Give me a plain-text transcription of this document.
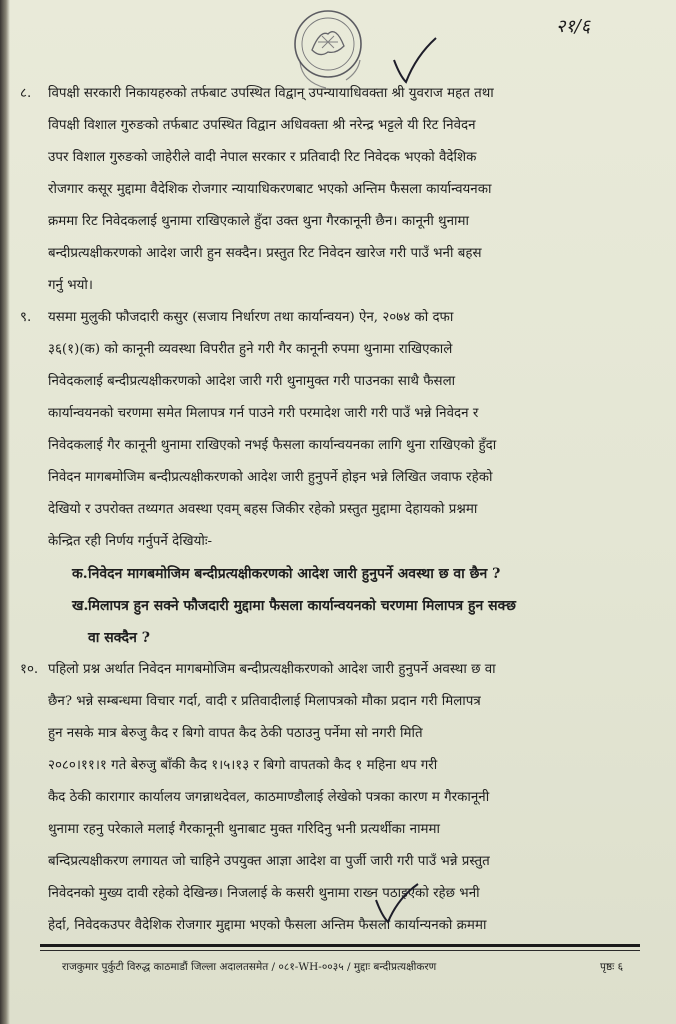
२१/६
८. विपक्षी सरकारी निकायहरुको तर्फबाट उपस्थित विद्वान् उपन्यायाधिवक्ता श्री युवराज महत तथा
विपक्षी विशाल गुरुङको तर्फबाट उपस्थित विद्वान अधिवक्ता श्री नरेन्द्र भट्टले यी रिट निवेदन
उपर विशाल गुरुङको जाहेरीले वादी नेपाल सरकार र प्रतिवादी रिट निवेदक भएको वैदेशिक
रोजगार कसूर मुद्दामा वैदेशिक रोजगार न्यायाधिकरणबाट भएको अन्तिम फैसला कार्यान्वयनका
क्रममा रिट निवेदकलाई थुनामा राखिएकाले हुँदा उक्त थुना गैरकानूनी छैन। कानूनी थुनामा
बन्दीप्रत्यक्षीकरणको आदेश जारी हुन सक्दैन। प्रस्तुत रिट निवेदन खारेज गरी पाउँ भनी बहस
गर्नु भयो।
९. यसमा मुलुकी फौजदारी कसुर (सजाय निर्धारण तथा कार्यान्वयन) ऐन, २०७४ को दफा
३६(१)(क) को कानूनी व्यवस्था विपरीत हुने गरी गैर कानूनी रुपमा थुनामा राखिएकाले
निवेदकलाई बन्दीप्रत्यक्षीकरणको आदेश जारी गरी थुनामुक्त गरी पाउनका साथै फैसला
कार्यान्वयनको चरणमा समेत मिलापत्र गर्न पाउने गरी परमादेश जारी गरी पाउँ भन्ने निवेदन र
निवेदकलाई गैर कानूनी थुनामा राखिएको नभई फैसला कार्यान्वयनका लागि थुना राखिएको हुँदा
निवेदन मागबमोजिम बन्दीप्रत्यक्षीकरणको आदेश जारी हुनुपर्ने होइन भन्ने लिखित जवाफ रहेको
देखियो र उपरोक्त तथ्यगत अवस्था एवम् बहस जिकीर रहेको प्रस्तुत मुद्दामा देहायको प्रश्नमा
केन्द्रित रही निर्णय गर्नुपर्ने देखियोः-
क. निवेदन मागबमोजिम बन्दीप्रत्यक्षीकरणको आदेश जारी हुनुपर्ने अवस्था छ वा छैन ?
ख. मिलापत्र हुन सक्ने फौजदारी मुद्दामा फैसला कार्यान्वयनको चरणमा मिलापत्र हुन सक्छ
वा सक्दैन ?
१०. पहिलो प्रश्न अर्थात निवेदन मागबमोजिम बन्दीप्रत्यक्षीकरणको आदेश जारी हुनुपर्ने अवस्था छ वा
छैन? भन्ने सम्बन्धमा विचार गर्दा, वादी र प्रतिवादीलाई मिलापत्रको मौका प्रदान गरी मिलापत्र
हुन नसके मात्र बेरुजु कैद र बिगो वापत कैद ठेकी पठाउनु पर्नेमा सो नगरी मिति
२०८०।११।१ गते बेरुजु बाँकी कैद १।५।१३ र बिगो वापतको कैद १ महिना थप गरी
कैद ठेकी कारागार कार्यालय जगन्नाथदेवल, काठमाण्डौलाई लेखेको पत्रका कारण म गैरकानूनी
थुनामा रहनु परेकाले मलाई गैरकानूनी थुनाबाट मुक्त गरिदिनु भनी प्रत्यर्थीका नाममा
बन्दिप्रत्यक्षीकरण लगायत जो चाहिने उपयुक्त आज्ञा आदेश वा पुर्जी जारी गरी पाउँ भन्ने प्रस्तुत
निवेदनको मुख्य दावी रहेको देखिन्छ। निजलाई के कसरी थुनामा राख्न पठाइएको रहेछ भनी
हेर्दा, निवेदकउपर वैदेशिक रोजगार मुद्दामा भएको फैसला अन्तिम फैसला कार्यान्यनको क्रममा
राजकुमार पुर्कुटी विरुद्ध काठमाडौं जिल्ला अदालतसमेत / ०८१-WH-००३५ / मुद्दाः बन्दीप्रत्यक्षीकरण	पृष्ठः ६
